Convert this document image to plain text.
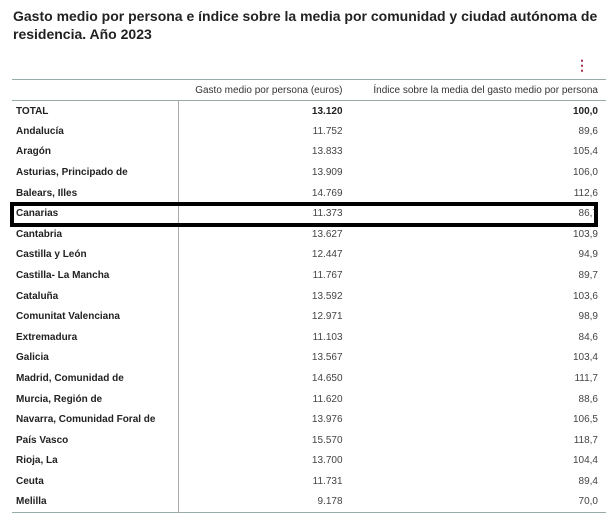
Gasto medio por persona e índice sobre la media por comunidad y ciudad autónoma de residencia. Año 2023
⋮
	Gasto medio por persona (euros)	Índice sobre la media del gasto medio por persona
TOTAL	13.120	100,0
Andalucía	11.752	89,6
Aragón	13.833	105,4
Asturias, Principado de	13.909	106,0
Balears, Illes	14.769	112,6
Canarias	11.373	86,7
Cantabria	13.627	103,9
Castilla y León	12.447	94,9
Castilla- La Mancha	11.767	89,7
Cataluña	13.592	103,6
Comunitat Valenciana	12.971	98,9
Extremadura	11.103	84,6
Galicia	13.567	103,4
Madrid, Comunidad de	14.650	111,7
Murcia, Región de	11.620	88,6
Navarra, Comunidad Foral de	13.976	106,5
País Vasco	15.570	118,7
Rioja, La	13.700	104,4
Ceuta	11.731	89,4
Melilla	9.178	70,0
